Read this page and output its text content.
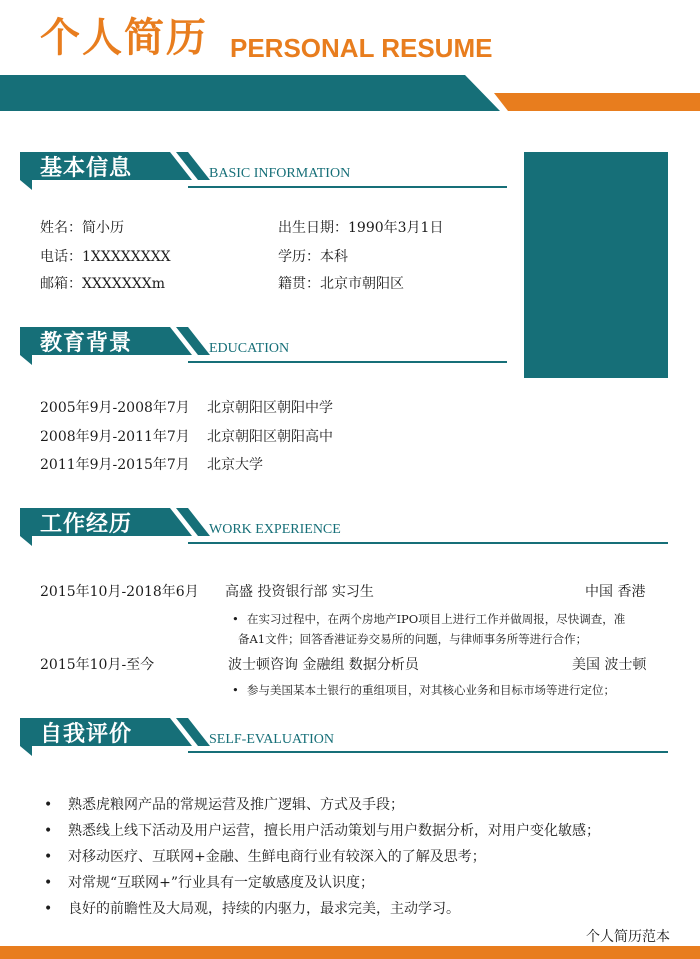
个人简历 PERSONAL RESUME
基本信息	BASIC INFORMATION
姓名：简小历	出生日期：1990年3月1日
电话：1XXXXXXXX	学历：本科
邮箱：XXXXXXXm	籍贯：北京市朝阳区
教育背景	EDUCATION
2005年9月-2008年7月 北京朝阳区朝阳中学
2008年9月-2011年7月 北京朝阳区朝阳高中
2011年9月-2015年7月 北京大学
工作经历	WORK EXPERIENCE
2015年10月-2018年6月 高盛 投资银行部 实习生	中国 香港
• 在实习过程中，在两个房地产IPO项目上进行工作并做周报，尽快调查，准
备A1文件；回答香港证券交易所的问题，与律师事务所等进行合作；
2015年10月-至今	波士顿咨询 金融组 数据分析员	美国 波士顿
• 参与美国某本土银行的重组项目，对其核心业务和目标市场等进行定位；
自我评价	SELF-EVALUATION
• 熟悉虎粮网产品的常规运营及推广逻辑、方式及手段；
• 熟悉线上线下活动及用户运营，擅长用户活动策划与用户数据分析，对用户变化敏感；
• 对移动医疗、互联网+金融、生鲜电商行业有较深入的了解及思考；
• 对常规“互联网+”行业具有一定敏感度及认识度；
• 良好的前瞻性及大局观，持续的内驱力，最求完美，主动学习。
个人简历范本
